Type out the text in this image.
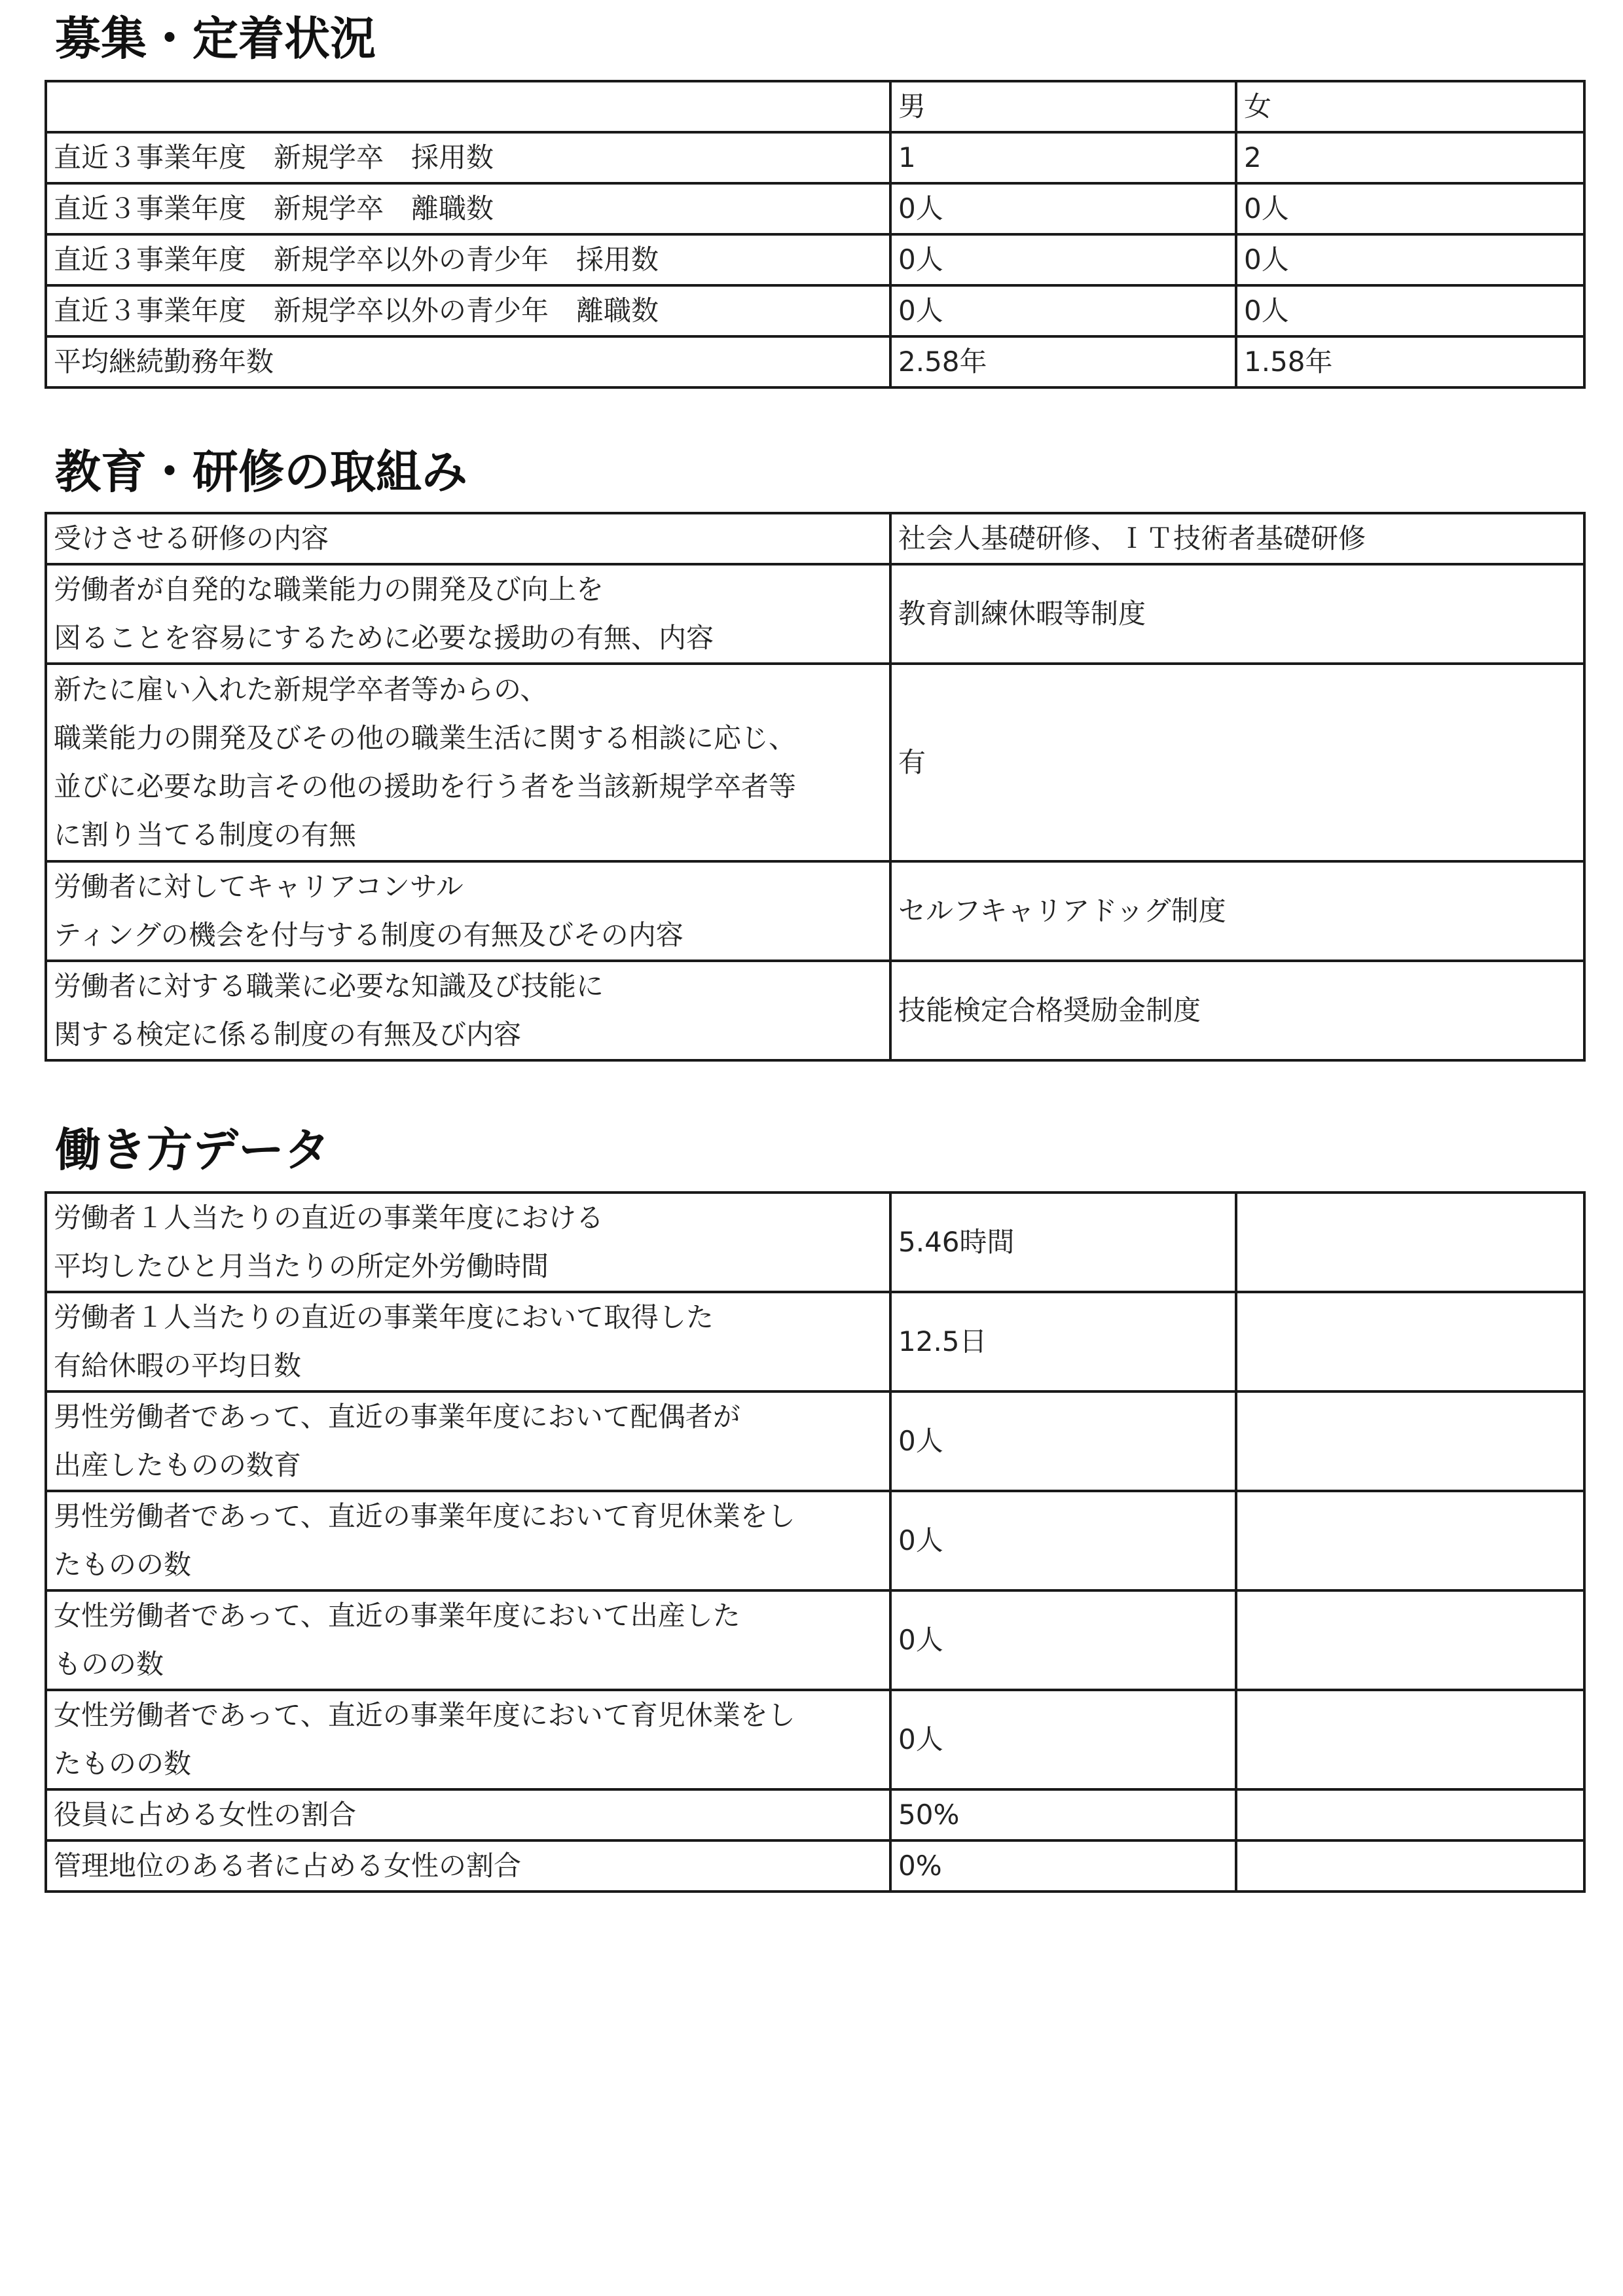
募集・定着状況
	男	女
直近３事業年度　新規学卒　採用数	1	2
直近３事業年度　新規学卒　離職数	0人	0人
直近３事業年度　新規学卒以外の青少年　採用数	0人	0人
直近３事業年度　新規学卒以外の青少年　離職数	0人	0人
平均継続勤務年数	2.58年	1.58年
教育・研修の取組み
受けさせる研修の内容	社会人基礎研修、ＩＴ技術者基礎研修
労働者が自発的な職業能力の開発及び向上を
図ることを容易にするために必要な援助の有無、内容	教育訓練休暇等制度
新たに雇い入れた新規学卒者等からの、
職業能力の開発及びその他の職業生活に関する相談に応じ、
並びに必要な助言その他の援助を行う者を当該新規学卒者等
に割り当てる制度の有無	有
労働者に対してキャリアコンサル
ティングの機会を付与する制度の有無及びその内容	セルフキャリアドッグ制度
労働者に対する職業に必要な知識及び技能に
関する検定に係る制度の有無及び内容	技能検定合格奨励金制度
働き方データ
労働者１人当たりの直近の事業年度における
平均したひと月当たりの所定外労働時間	5.46時間	
労働者１人当たりの直近の事業年度において取得した
有給休暇の平均日数	12.5日	
男性労働者であって、直近の事業年度において配偶者が
出産したものの数育	0人	
男性労働者であって、直近の事業年度において育児休業をし
たものの数	0人	
女性労働者であって、直近の事業年度において出産した
ものの数	0人	
女性労働者であって、直近の事業年度において育児休業をし
たものの数	0人	
役員に占める女性の割合	50%	
管理地位のある者に占める女性の割合	0%	
